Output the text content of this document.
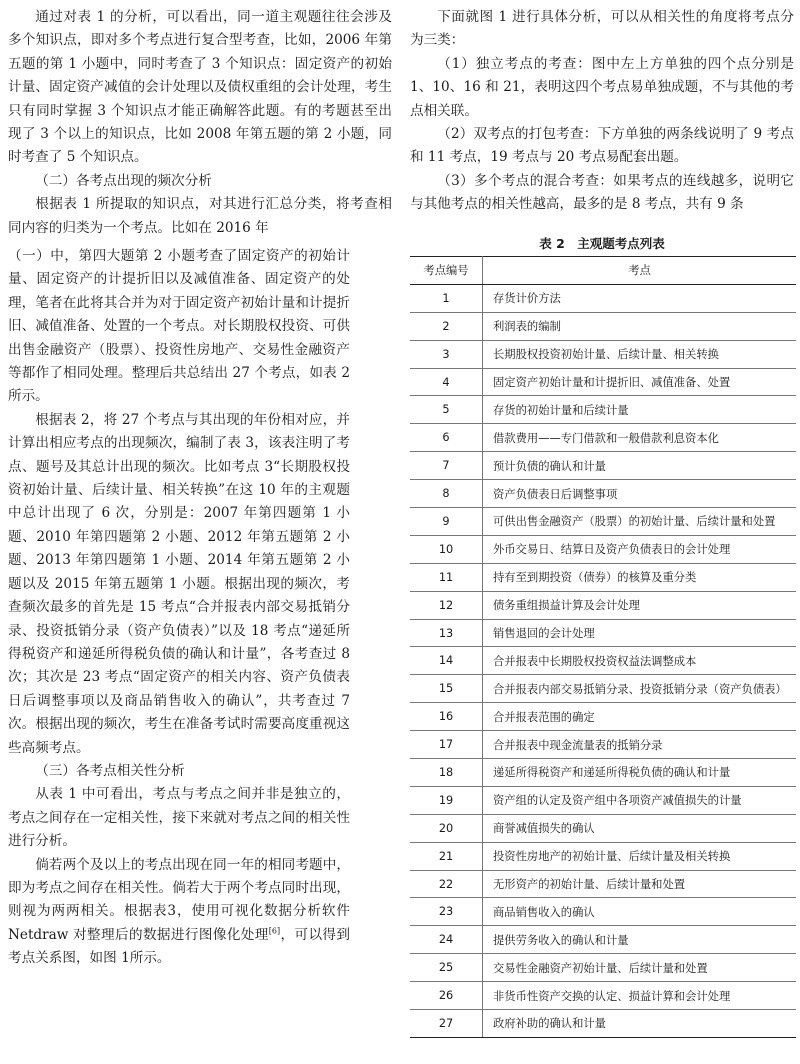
通过对表 1 的分析，可以看出，同一道主观题往往会涉及多个知识点，即对多个考点进行复合型考查，比如，2006 年第五题的第 1 小题中，同时考查了 3 个知识点：固定资产的初始计量、固定资产减值的会计处理以及债权重组的会计处理，考生只有同时掌握 3 个知识点才能正确解答此题。有的考题甚至出现了 3 个以上的知识点，比如 2008 年第五题的第 2 小题，同时考查了 5 个知识点。

（二）各考点出现的频次分析

根据表 1 所提取的知识点，对其进行汇总分类，将考查相同内容的归类为一个考点。比如在 2016 年

（一）中，第四大题第 2 小题考查了固定资产的初始计量、固定资产的计提折旧以及减值准备、固定资产的处理，笔者在此将其合并为对于固定资产初始计量和计提折旧、减值准备、处置的一个考点。对长期股权投资、可供出售金融资产（股票）、投资性房地产、交易性金融资产等都作了相同处理。整理后共总结出 27 个考点，如表 2 所示。

根据表 2，将 27 个考点与其出现的年份相对应，并计算出相应考点的出现频次，编制了表 3，该表注明了考点、题号及其总计出现的频次。比如考点 3“长期股权投资初始计量、后续计量、相关转换”在这 10 年的主观题中总计出现了 6 次，分别是：2007 年第四题第 1 小题、2010 年第四题第 2 小题、2012 年第五题第 2 小题、2013 年第四题第 1 小题、2014 年第五题第 2 小题以及 2015 年第五题第 1 小题。根据出现的频次，考查频次最多的首先是 15 考点“合并报表内部交易抵销分录、投资抵销分录（资产负债表）”以及 18 考点“递延所得税资产和递延所得税负债的确认和计量”，各考查过 8 次；其次是 23 考点“固定资产的相关内容、资产负债表日后调整事项以及商品销售收入的确认”，共考查过 7 次。根据出现的频次，考生在准备考试时需要高度重视这些高频考点。

（三）各考点相关性分析

从表 1 中可看出，考点与考点之间并非是独立的，考点之间存在一定相关性，接下来就对考点之间的相关性进行分析。

倘若两个及以上的考点出现在同一年的相同考题中，即为考点之间存在相关性。倘若大于两个考点同时出现，则视为两两相关。根据表3，使用可视化数据分析软件 Netdraw 对整理后的数据进行图像化处理[6]，可以得到考点关系图，如图 1所示。

下面就图 1 进行具体分析，可以从相关性的角度将考点分为三类：

（1）独立考点的考查：图中左上方单独的四个点分别是 1、10、16 和 21，表明这四个考点易单独成题，不与其他的考点相关联。

（2）双考点的打包考查：下方单独的两条线说明了 9 考点和 11 考点，19 考点与 20 考点易配套出题。

（3）多个考点的混合考查：如果考点的连线越多，说明它与其他考点的相关性越高，最多的是 8 考点，共有 9 条

表 2　主观题考点列表
考点编号	考点
1	存货计价方法
2	利润表的编制
3	长期股权投资初始计量、后续计量、相关转换
4	固定资产初始计量和计提折旧、减值准备、处置
5	存货的初始计量和后续计量
6	借款费用——专门借款和一般借款利息资本化
7	预计负债的确认和计量
8	资产负债表日后调整事项
9	可供出售金融资产（股票）的初始计量、后续计量和处置
10	外币交易日、结算日及资产负债表日的会计处理
11	持有至到期投资（债券）的核算及重分类
12	债务重组损益计算及会计处理
13	销售退回的会计处理
14	合并报表中长期股权投资权益法调整成本
15	合并报表内部交易抵销分录、投资抵销分录（资产负债表）
16	合并报表范围的确定
17	合并报表中现金流量表的抵销分录
18	递延所得税资产和递延所得税负债的确认和计量
19	资产组的认定及资产组中各项资产减值损失的计量
20	商誉减值损失的确认
21	投资性房地产的初始计量、后续计量及相关转换
22	无形资产的初始计量、后续计量和处置
23	商品销售收入的确认
24	提供劳务收入的确认和计量
25	交易性金融资产初始计量、后续计量和处置
26	非货币性资产交换的认定、损益计算和会计处理
27	政府补助的确认和计量
